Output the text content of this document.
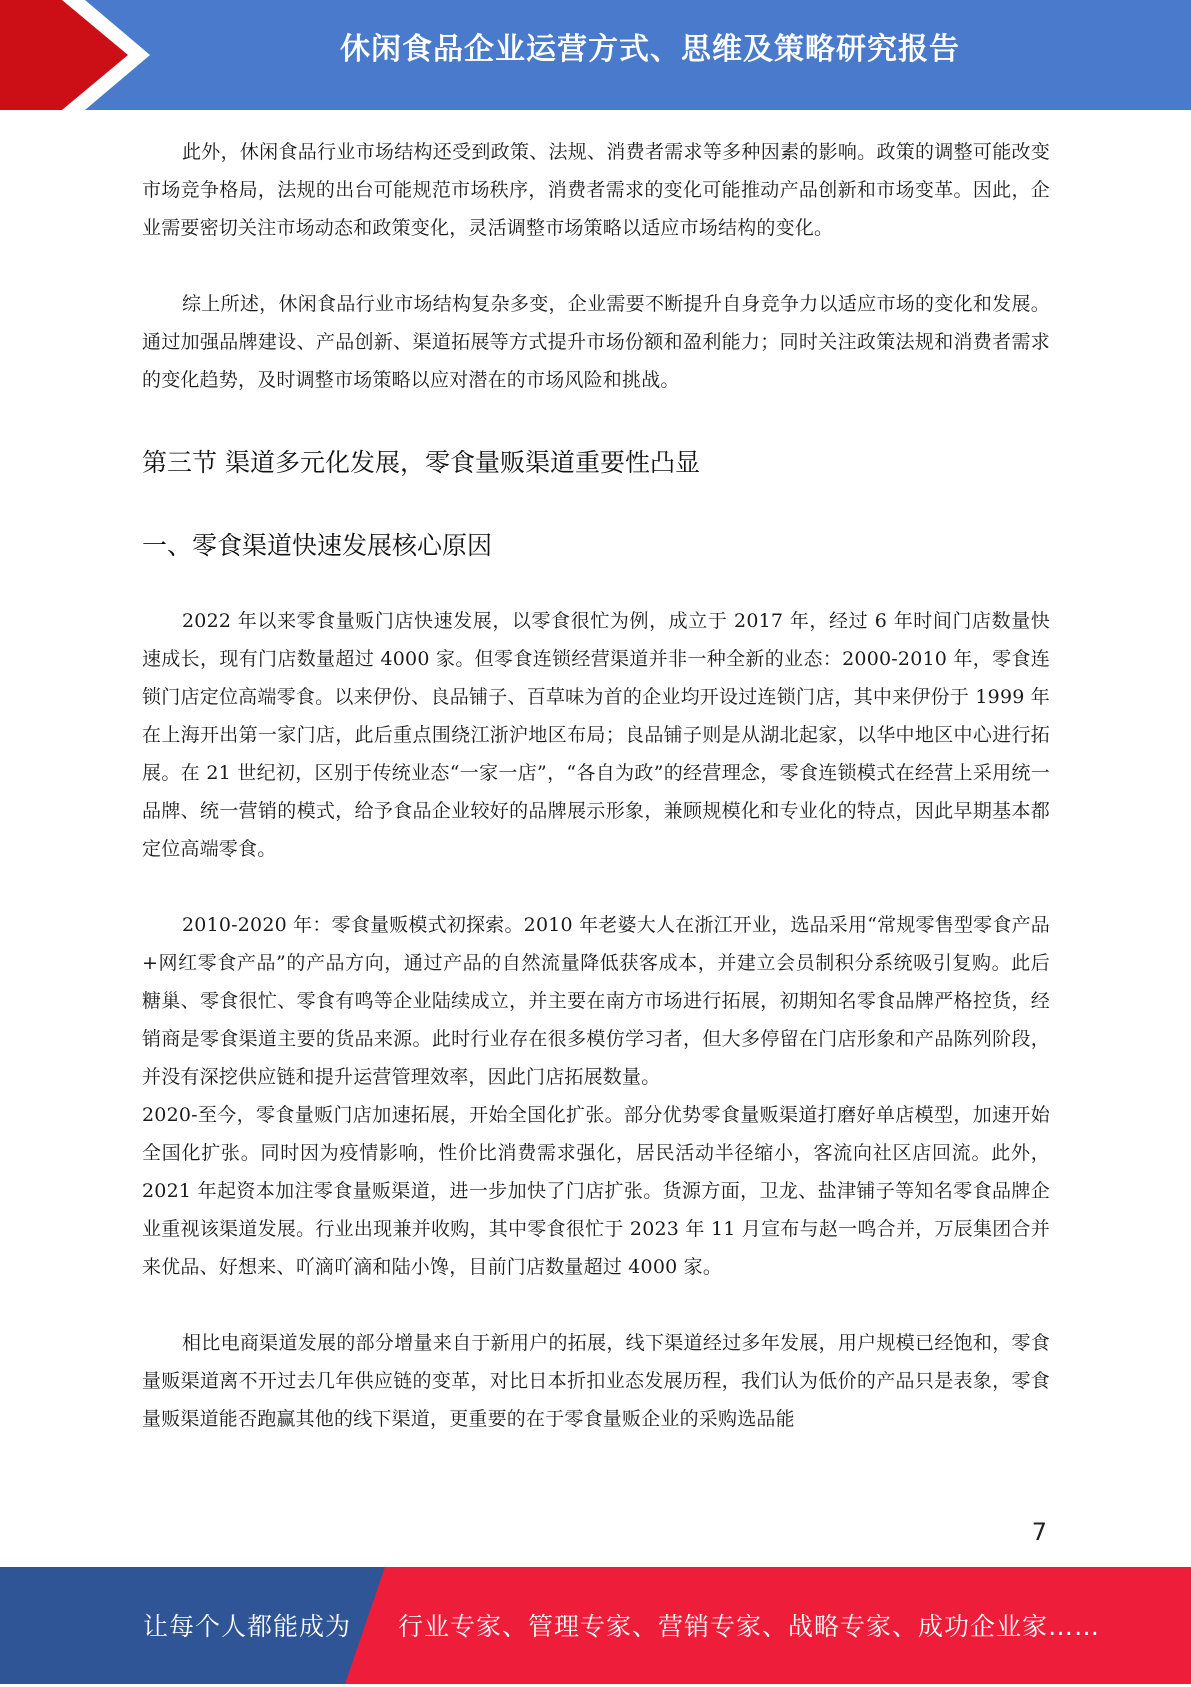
休闲食品企业运营方式、思维及策略研究报告

此外，休闲食品行业市场结构还受到政策、法规、消费者需求等多种因素的影响。政策的调整可能改变市场竞争格局，法规的出台可能规范市场秩序，消费者需求的变化可能推动产品创新和市场变革。因此，企业需要密切关注市场动态和政策变化，灵活调整市场策略以适应市场结构的变化。

综上所述，休闲食品行业市场结构复杂多变，企业需要不断提升自身竞争力以适应市场的变化和发展。通过加强品牌建设、产品创新、渠道拓展等方式提升市场份额和盈利能力；同时关注政策法规和消费者需求的变化趋势，及时调整市场策略以应对潜在的市场风险和挑战。

第三节 渠道多元化发展，零食量贩渠道重要性凸显
一、零食渠道快速发展核心原因

2022 年以来零食量贩门店快速发展，以零食很忙为例，成立于 2017 年，经过 6 年时间门店数量快速成长，现有门店数量超过 4000 家。但零食连锁经营渠道并非一种全新的业态：2000-2010 年，零食连锁门店定位高端零食。以来伊份、良品铺子、百草味为首的企业均开设过连锁门店，其中来伊份于 1999 年在上海开出第一家门店，此后重点围绕江浙沪地区布局；良品铺子则是从湖北起家，以华中地区中心进行拓展。在 21 世纪初，区别于传统业态“一家一店”，“各自为政”的经营理念，零食连锁模式在经营上采用统一品牌、统一营销的模式，给予食品企业较好的品牌展示形象，兼顾规模化和专业化的特点，因此早期基本都定位高端零食。

2010-2020 年：零食量贩模式初探索。2010 年老婆大人在浙江开业，选品采用“常规零售型零食产品+网红零食产品”的产品方向，通过产品的自然流量降低获客成本，并建立会员制积分系统吸引复购。此后糖巢、零食很忙、零食有鸣等企业陆续成立，并主要在南方市场进行拓展，初期知名零食品牌严格控货，经销商是零食渠道主要的货品来源。此时行业存在很多模仿学习者，但大多停留在门店形象和产品陈列阶段，并没有深挖供应链和提升运营管理效率，因此门店拓展数量。

2020-至今，零食量贩门店加速拓展，开始全国化扩张。部分优势零食量贩渠道打磨好单店模型，加速开始全国化扩张。同时因为疫情影响，性价比消费需求强化，居民活动半径缩小，客流向社区店回流。此外，2021 年起资本加注零食量贩渠道，进一步加快了门店扩张。货源方面，卫龙、盐津铺子等知名零食品牌企业重视该渠道发展。行业出现兼并收购，其中零食很忙于 2023 年 11 月宣布与赵一鸣合并，万辰集团合并来优品、好想来、吖滴吖滴和陆小馋，目前门店数量超过 4000 家。

相比电商渠道发展的部分增量来自于新用户的拓展，线下渠道经过多年发展，用户规模已经饱和，零食量贩渠道离不开过去几年供应链的变革，对比日本折扣业态发展历程，我们认为低价的产品只是表象，零食量贩渠道能否跑赢其他的线下渠道，更重要的在于零食量贩企业的采购选品能

7
让每个人都能成为 行业专家、管理专家、营销专家、战略专家、成功企业家……
